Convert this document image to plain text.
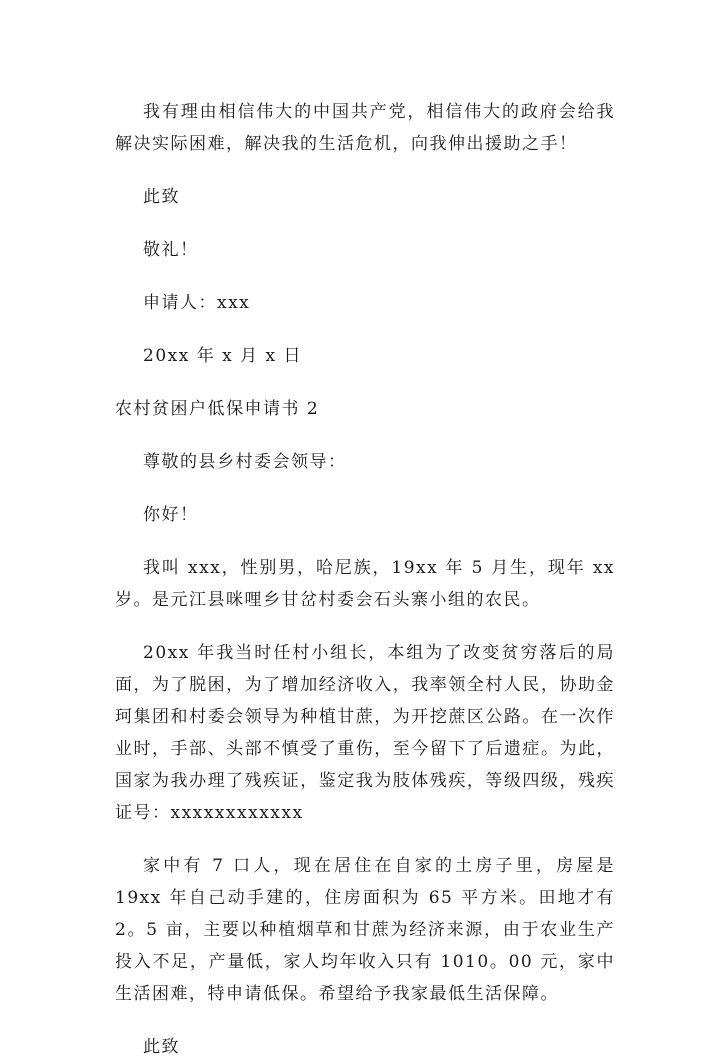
我有理由相信伟大的中国共产党，相信伟大的政府会给我解决实际困难，解决我的生活危机，向我伸出援助之手！

此致

敬礼！

申请人：xxx

20xx 年 x 月 x 日

农村贫困户低保申请书 2

尊敬的县乡村委会领导：

你好！

我叫 xxx，性别男，哈尼族，19xx 年 5 月生，现年 xx 岁。是元江县咪哩乡甘岔村委会石头寨小组的农民。

20xx 年我当时任村小组长，本组为了改变贫穷落后的局面，为了脱困，为了增加经济收入，我率领全村人民，协助金珂集团和村委会领导为种植甘蔗，为开挖蔗区公路。在一次作业时，手部、头部不慎受了重伤，至今留下了后遗症。为此，国家为我办理了残疾证，鉴定我为肢体残疾，等级四级，残疾证号：xxxxxxxxxxxx

家中有 7 口人，现在居住在自家的土房子里，房屋是 19xx 年自己动手建的，住房面积为 65 平方米。田地才有 2。5 亩，主要以种植烟草和甘蔗为经济来源，由于农业生产投入不足，产量低，家人均年收入只有 1010。00 元，家中生活困难，特申请低保。希望给予我家最低生活保障。

此致
